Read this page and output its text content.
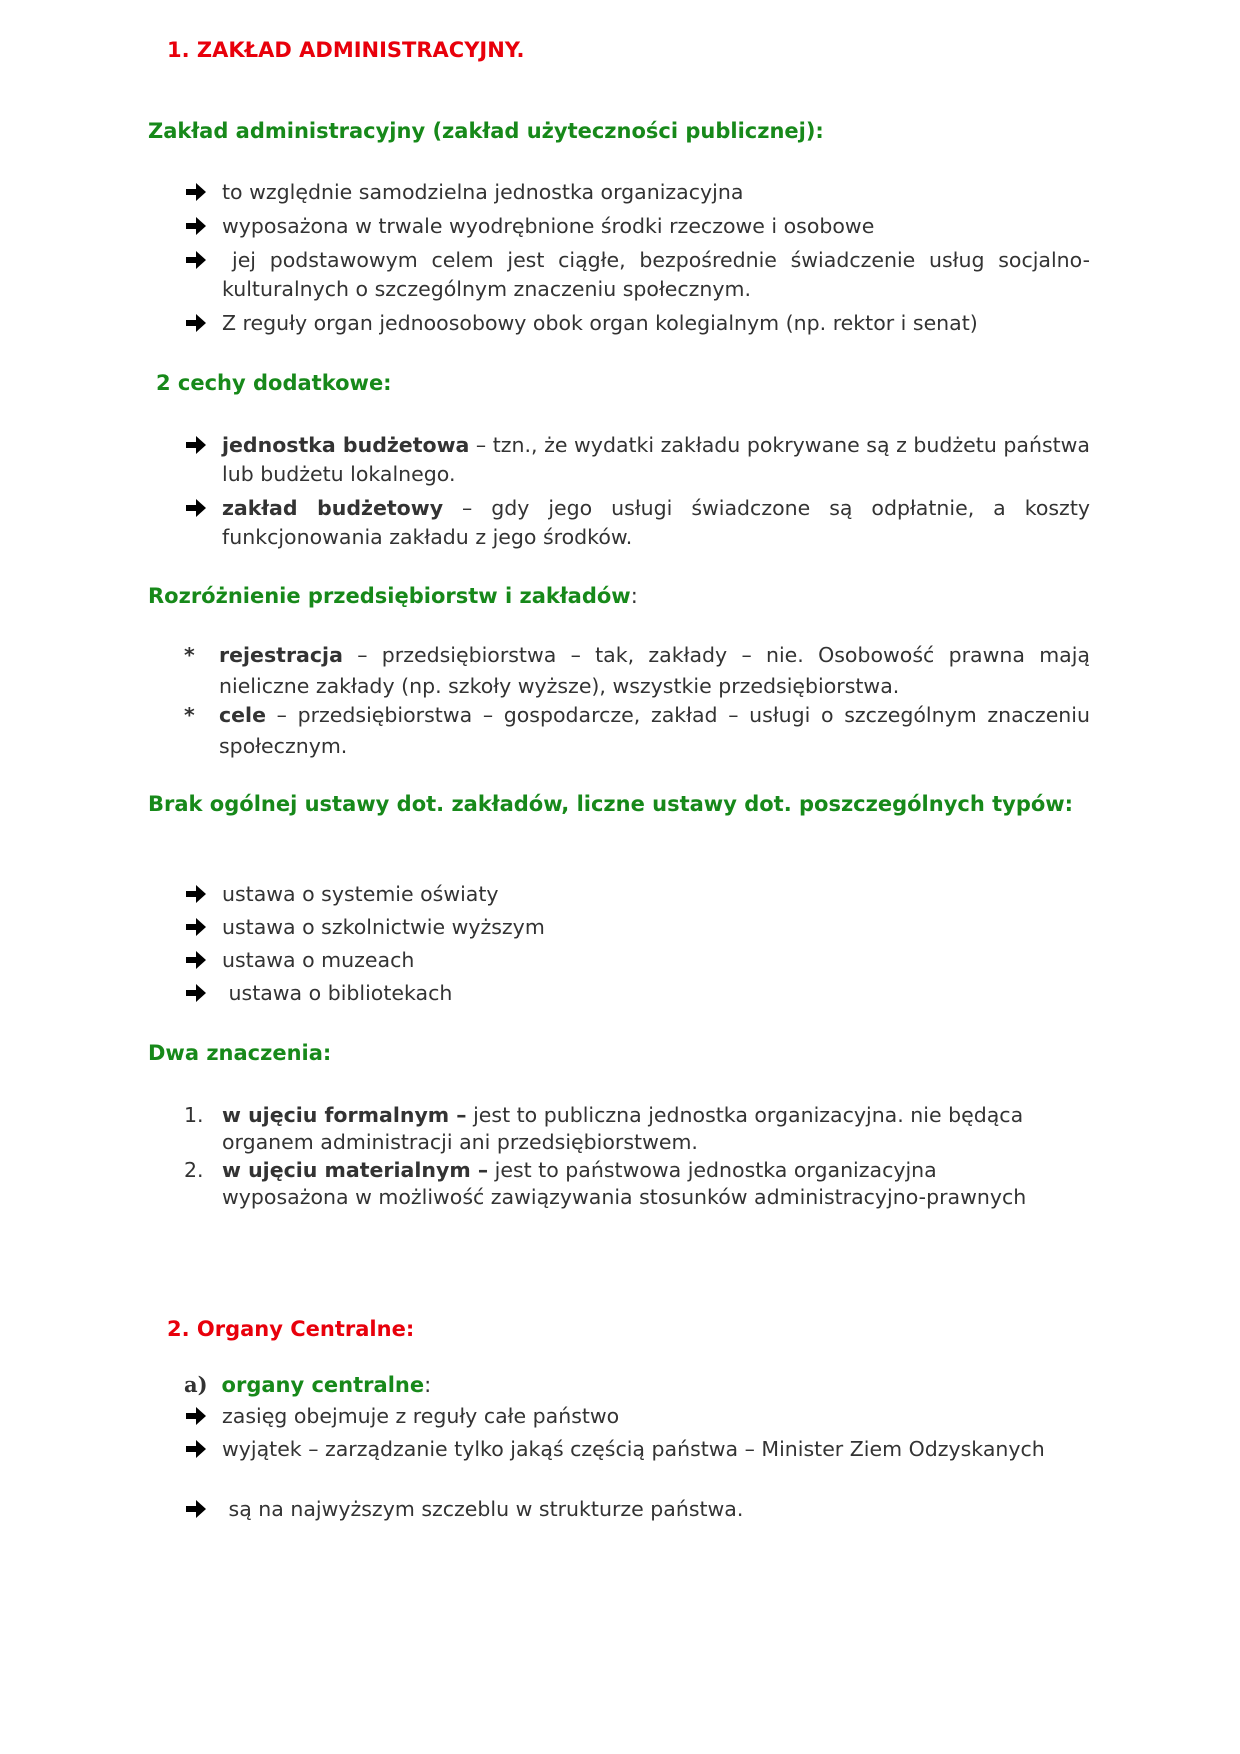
1. ZAKŁAD ADMINISTRACYJNY.
Zakład administracyjny (zakład użyteczności publicznej):
to względnie samodzielna jednostka organizacyjna
wyposażona w trwale wyodrębnione środki rzeczowe i osobowe
jej podstawowym celem jest ciągłe, bezpośrednie świadczenie usług socjalno-kulturalnych o szczególnym znaczeniu społecznym.
Z reguły organ jednoosobowy obok organ kolegialnym (np. rektor i senat)
2 cechy dodatkowe:
jednostka budżetowa – tzn., że wydatki zakładu pokrywane są z budżetu państwa lub budżetu lokalnego.
zakład budżetowy – gdy jego usługi świadczone są odpłatnie, a koszty funkcjonowania zakładu z jego środków.
Rozróżnienie przedsiębiorstw i zakładów:
*	rejestracja – przedsiębiorstwa – tak, zakłady – nie. Osobowość prawna mają nieliczne zakłady (np. szkoły wyższe), wszystkie przedsiębiorstwa.
*	cele – przedsiębiorstwa – gospodarcze, zakład – usługi o szczególnym znaczeniu społecznym.
Brak ogólnej ustawy dot. zakładów, liczne ustawy dot. poszczególnych typów:
ustawa o systemie oświaty
ustawa o szkolnictwie wyższym
ustawa o muzeach
ustawa o bibliotekach
Dwa znaczenia:
1. w ujęciu formalnym – jest to publiczna jednostka organizacyjna. nie będąca organem administracji ani przedsiębiorstwem.
2. w ujęciu materialnym – jest to państwowa jednostka organizacyjna wyposażona w możliwość zawiązywania stosunków administracyjno-prawnych
2. Organy Centralne:
a) organy centralne:
zasięg obejmuje z reguły całe państwo
wyjątek – zarządzanie tylko jakąś częścią państwa – Minister Ziem Odzyskanych
są na najwyższym szczeblu w strukturze państwa.
